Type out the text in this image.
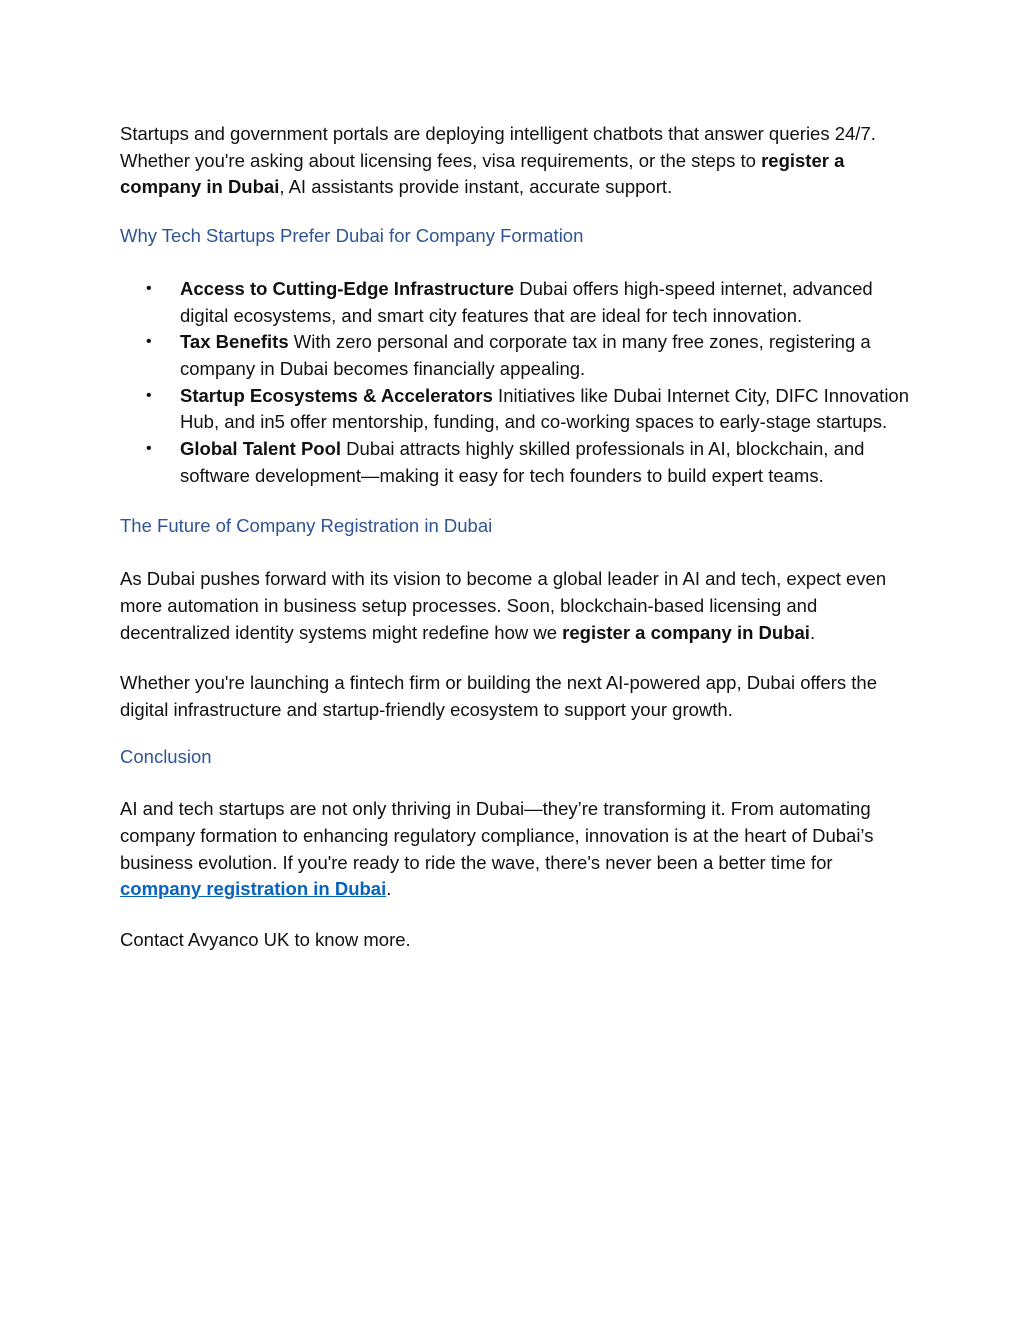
Startups and government portals are deploying intelligent chatbots that answer queries 24/7. Whether you're asking about licensing fees, visa requirements, or the steps to register a company in Dubai, AI assistants provide instant, accurate support.

Why Tech Startups Prefer Dubai for Company Formation
• Access to Cutting-Edge Infrastructure Dubai offers high-speed internet, advanced digital ecosystems, and smart city features that are ideal for tech innovation.
• Tax Benefits With zero personal and corporate tax in many free zones, registering a company in Dubai becomes financially appealing.
• Startup Ecosystems & Accelerators Initiatives like Dubai Internet City, DIFC Innovation Hub, and in5 offer mentorship, funding, and co-working spaces to early-stage startups.
• Global Talent Pool Dubai attracts highly skilled professionals in AI, blockchain, and software development—making it easy for tech founders to build expert teams.
The Future of Company Registration in Dubai

As Dubai pushes forward with its vision to become a global leader in AI and tech, expect even more automation in business setup processes. Soon, blockchain-based licensing and decentralized identity systems might redefine how we register a company in Dubai.

Whether you're launching a fintech firm or building the next AI-powered app, Dubai offers the digital infrastructure and startup-friendly ecosystem to support your growth.

Conclusion

AI and tech startups are not only thriving in Dubai—they’re transforming it. From automating company formation to enhancing regulatory compliance, innovation is at the heart of Dubai’s business evolution. If you're ready to ride the wave, there's never been a better time for company registration in Dubai.

Contact Avyanco UK to know more.
